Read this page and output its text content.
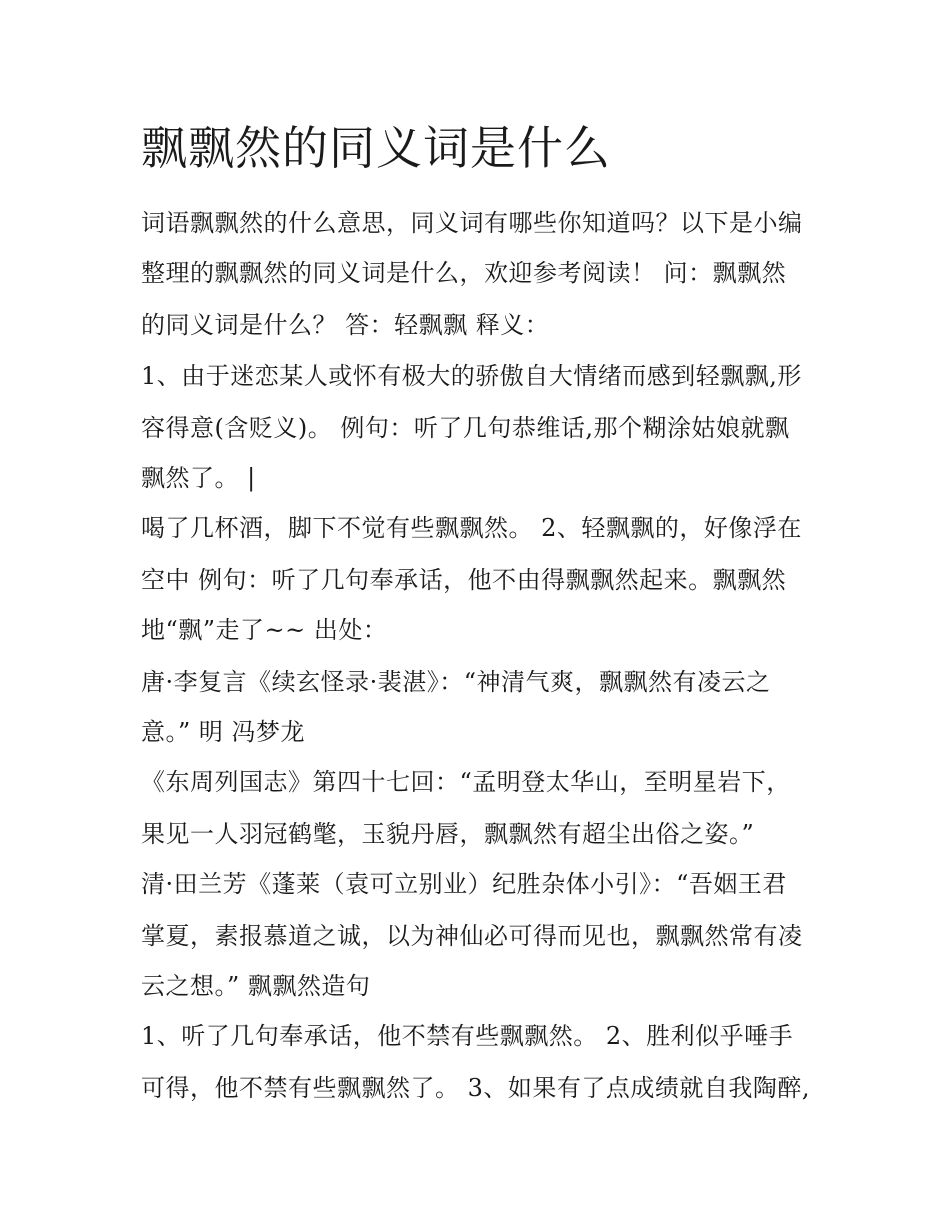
飘飘然的同义词是什么

词语飘飘然的什么意思，同义词有哪些你知道吗？以下是小编

整理的飘飘然的同义词是什么，欢迎参考阅读！ 问：飘飘然

的同义词是什么？ 答：轻飘飘 释义：

1、由于迷恋某人或怀有极大的骄傲自大情绪而感到轻飘飘,形

容得意(含贬义)。 例句：听了几句恭维话,那个糊涂姑娘就飘

飘然了。 |

喝了几杯酒，脚下不觉有些飘飘然。 2、轻飘飘的，好像浮在

空中 例句：听了几句奉承话，他不由得飘飘然起来。飘飘然

地“飘”走了~~ 出处：

唐·李复言《续玄怪录·裴湛》：“神清气爽，飘飘然有凌云之

意。” 明 冯梦龙

《东周列国志》第四十七回：“孟明登太华山，至明星岩下，

果见一人羽冠鹤氅，玉貌丹唇，飘飘然有超尘出俗之姿。”

清·田兰芳《蓬莱（袁可立别业）纪胜杂体小引》：“吾姻王君

掌夏，素报慕道之诚，以为神仙必可得而见也，飘飘然常有凌

云之想。” 飘飘然造句

1、听了几句奉承话，他不禁有些飘飘然。 2、胜利似乎唾手

可得，他不禁有些飘飘然了。 3、如果有了点成绩就自我陶醉,
